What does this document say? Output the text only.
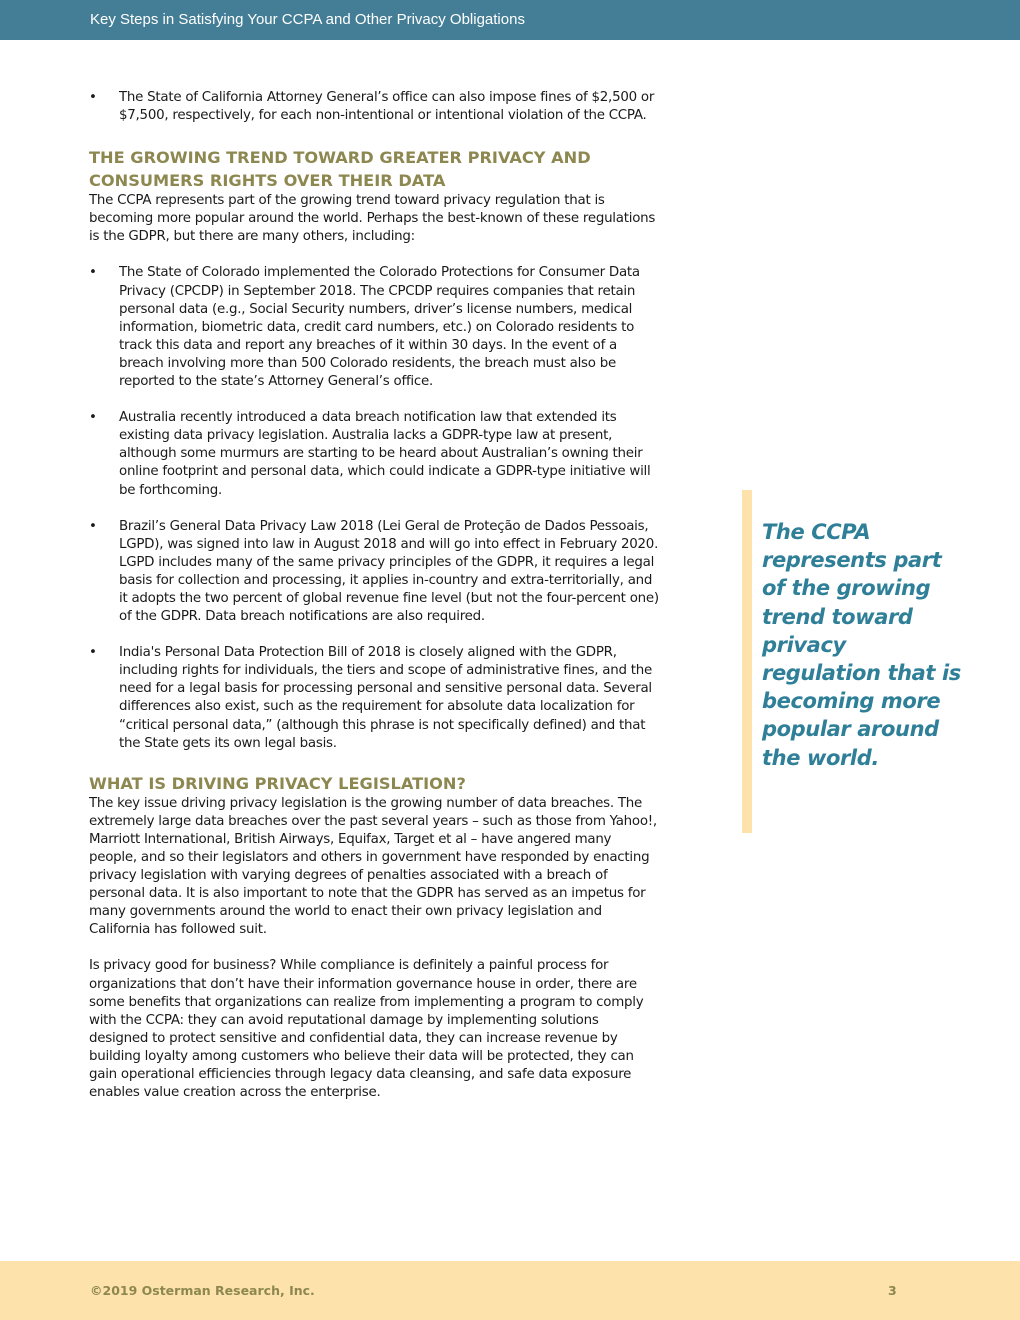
Key Steps in Satisfying Your CCPA and Other Privacy Obligations
•	The State of California Attorney General’s office can also impose fines of $2,500 or $7,500, respectively, for each non-intentional or intentional violation of the CCPA.
THE GROWING TREND TOWARD GREATER PRIVACY AND CONSUMERS RIGHTS OVER THEIR DATA

The CCPA represents part of the growing trend toward privacy regulation that is becoming more popular around the world. Perhaps the best-known of these regulations is the GDPR, but there are many others, including:

•	The State of Colorado implemented the Colorado Protections for Consumer Data Privacy (CPCDP) in September 2018. The CPCDP requires companies that retain personal data (e.g., Social Security numbers, driver’s license numbers, medical information, biometric data, credit card numbers, etc.) on Colorado residents to track this data and report any breaches of it within 30 days. In the event of a breach involving more than 500 Colorado residents, the breach must also be reported to the state’s Attorney General’s office.
•	Australia recently introduced a data breach notification law that extended its existing data privacy legislation. Australia lacks a GDPR-type law at present, although some murmurs are starting to be heard about Australian’s owning their online footprint and personal data, which could indicate a GDPR-type initiative will be forthcoming.
•	Brazil’s General Data Privacy Law 2018 (Lei Geral de Proteção de Dados Pessoais, LGPD), was signed into law in August 2018 and will go into effect in February 2020. LGPD includes many of the same privacy principles of the GDPR, it requires a legal basis for collection and processing, it applies in-country and extra-territorially, and it adopts the two percent of global revenue fine level (but not the four-percent one) of the GDPR. Data breach notifications are also required.
•	India's Personal Data Protection Bill of 2018 is closely aligned with the GDPR, including rights for individuals, the tiers and scope of administrative fines, and the need for a legal basis for processing personal and sensitive personal data. Several differences also exist, such as the requirement for absolute data localization for “critical personal data,” (although this phrase is not specifically defined) and that the State gets its own legal basis.
WHAT IS DRIVING PRIVACY LEGISLATION?

The key issue driving privacy legislation is the growing number of data breaches. The extremely large data breaches over the past several years – such as those from Yahoo!, Marriott International, British Airways, Equifax, Target et al – have angered many people, and so their legislators and others in government have responded by enacting privacy legislation with varying degrees of penalties associated with a breach of personal data. It is also important to note that the GDPR has served as an impetus for many governments around the world to enact their own privacy legislation and California has followed suit.

Is privacy good for business? While compliance is definitely a painful process for organizations that don’t have their information governance house in order, there are some benefits that organizations can realize from implementing a program to comply with the CCPA: they can avoid reputational damage by implementing solutions designed to protect sensitive and confidential data, they can increase revenue by building loyalty among customers who believe their data will be protected, they can gain operational efficiencies through legacy data cleansing, and safe data exposure enables value creation across the enterprise.

The CCPA represents part of the growing trend toward privacy regulation that is becoming more popular around the world.
©2019 Osterman Research, Inc.	3
